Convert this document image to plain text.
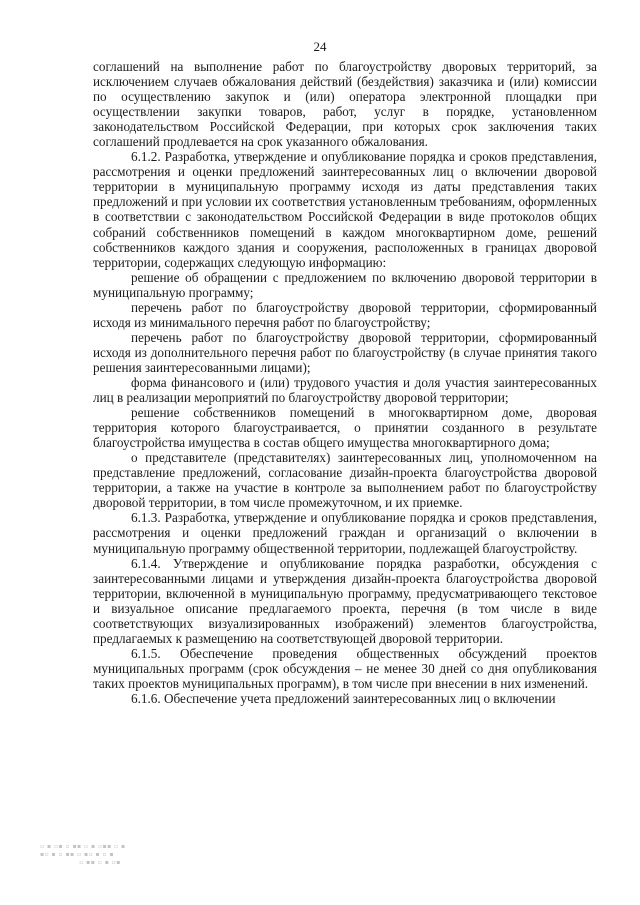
24

соглашений на выполнение работ по благоустройству дворовых территорий, за исключением случаев обжалования действий (бездействия) заказчика и (или) комиссии по осуществлению закупок и (или) оператора электронной площадки при осуществлении закупки товаров, работ, услуг в порядке, установленном законодательством Российской Федерации, при которых срок заключения таких соглашений продлевается на срок указанного обжалования.

6.1.2. Разработка, утверждение и опубликование порядка и сроков представления, рассмотрения и оценки предложений заинтересованных лиц о включении дворовой территории в муниципальную программу исходя из даты представления таких предложений и при условии их соответствия установленным требованиям, оформленных в соответствии с законодательством Российской Федерации в виде протоколов общих собраний собственников помещений в каждом многоквартирном доме, решений собственников каждого здания и сооружения, расположенных в границах дворовой территории, содержащих следующую информацию:

решение об обращении с предложением по включению дворовой территории в муниципальную программу;

перечень работ по благоустройству дворовой территории, сформированный исходя из минимального перечня работ по благоустройству;

перечень работ по благоустройству дворовой территории, сформированный исходя из дополнительного перечня работ по благоустройству (в случае принятия такого решения заинтересованными лицами);

форма финансового и (или) трудового участия и доля участия заинтересованных лиц в реализации мероприятий по благоустройству дворовой территории;

решение собственников помещений в многоквартирном доме, дворовая территория которого благоустраивается, о принятии созданного в результате благоустройства имущества в состав общего имущества многоквартирного дома;

о представителе (представителях) заинтересованных лиц, уполномоченном на представление предложений, согласование дизайн-проекта благоустройства дворовой территории, а также на участие в контроле за выполнением работ по благоустройству дворовой территории, в том числе промежуточном, и их приемке.

6.1.3. Разработка, утверждение и опубликование порядка и сроков представления, рассмотрения и оценки предложений граждан и организаций о включении в муниципальную программу общественной территории, подлежащей благоустройству.

6.1.4. Утверждение и опубликование порядка разработки, обсуждения с заинтересованными лицами и утверждения дизайн-проекта благоустройства дворовой территории, включенной в муниципальную программу, предусматривающего текстовое и визуальное описание предлагаемого проекта, перечня (в том числе в виде соответствующих визуализированных изображений) элементов благоустройства, предлагаемых к размещению на соответствующей дворовой территории.

6.1.5. Обеспечение проведения общественных обсуждений проектов муниципальных программ (срок обсуждения – не менее 30 дней со дня опубликования таких проектов муниципальных программ), в том числе при внесении в них изменений.

6.1.6. Обеспечение учета предложений заинтересованных лиц о включении

▫ ▪ ▫▪ ▫ ▪▪ ▫ ▪ ▫▪▪ ▫ ▪
▪▫ ▪ ▫ ▪▪ ▫ ▪▫ ▪ ▫ ▪
▫ ▪▪ ▫ ▪ ▫▪
